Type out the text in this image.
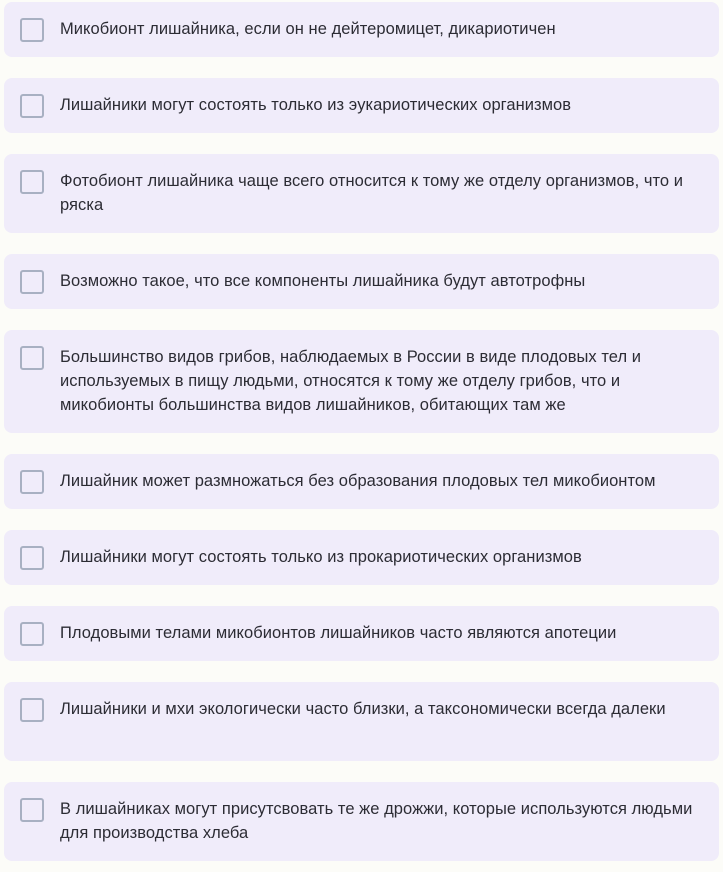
Микобионт лишайника, если он не дейтеромицет, дикариотичен
Лишайники могут состоять только из эукариотических организмов
Фотобионт лишайника чаще всего относится к тому же отделу организмов, что и ряска
Возможно такое, что все компоненты лишайника будут автотрофны
Большинство видов грибов, наблюдаемых в России в виде плодовых тел и используемых в пищу людьми, относятся к тому же отделу грибов, что и микобионты большинства видов лишайников, обитающих там же
Лишайник может размножаться без образования плодовых тел микобионтом
Лишайники могут состоять только из прокариотических организмов
Плодовыми телами микобионтов лишайников часто являются апотеции
Лишайники и мхи экологически часто близки, а таксономически всегда далеки
В лишайниках могут присутсвовать те же дрожжи, которые используются людьми для производства хлеба
